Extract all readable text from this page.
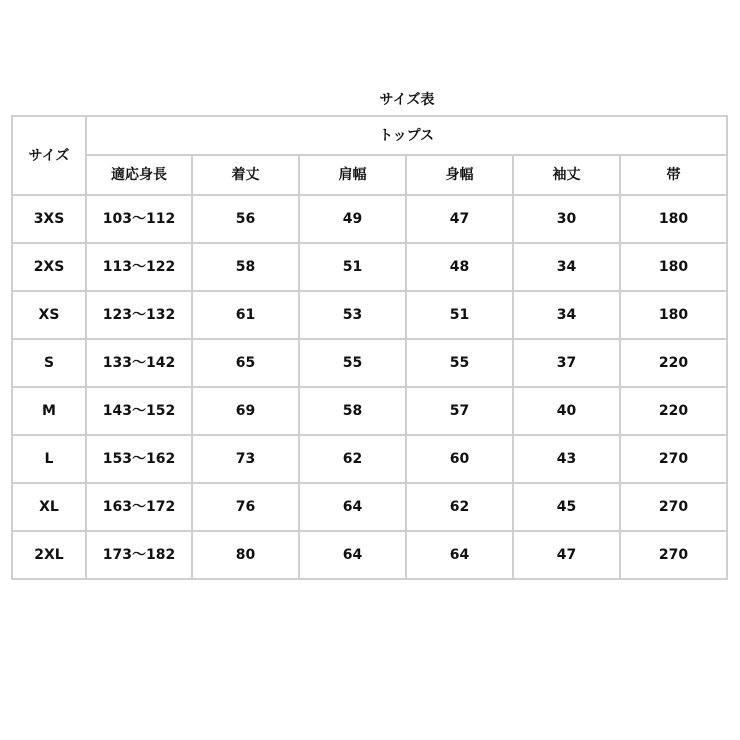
サイズ表
サイズ	トップス					
	適応身長	着丈	肩幅	身幅	袖丈	帯
3XS	103〜112	56	49	47	30	180
2XS	113〜122	58	51	48	34	180
XS	123〜132	61	53	51	34	180
S	133〜142	65	55	55	37	220
M	143〜152	69	58	57	40	220
L	153〜162	73	62	60	43	270
XL	163〜172	76	64	62	45	270
2XL	173〜182	80	64	64	47	270
